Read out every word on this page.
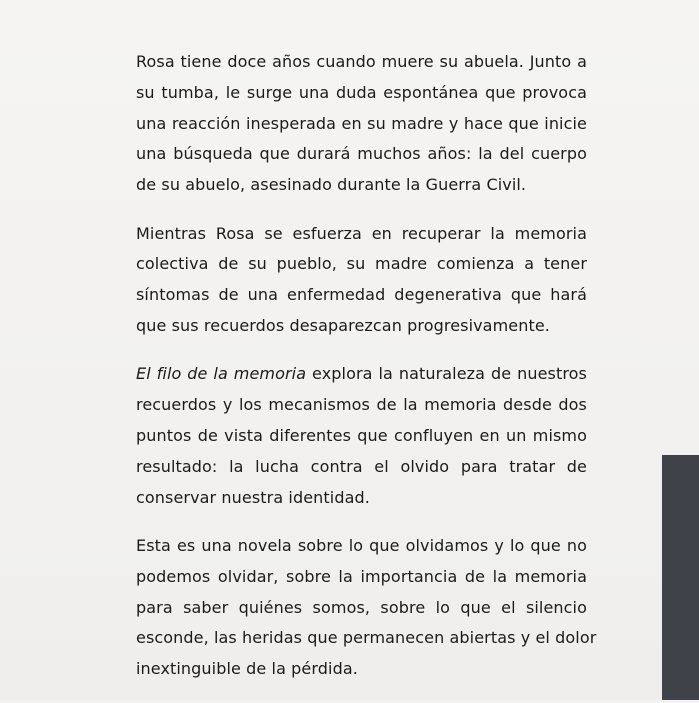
Rosa tiene doce años cuando muere su abuela. Junto a
su tumba, le surge una duda espontánea que provoca
una reacción inesperada en su madre y hace que inicie
una búsqueda que durará muchos años: la del cuerpo
de su abuelo, asesinado durante la Guerra Civil.

Mientras Rosa se esfuerza en recuperar la memoria
colectiva de su pueblo, su madre comienza a tener
síntomas de una enfermedad degenerativa que hará
que sus recuerdos desaparezcan progresivamente.

El filo de la memoria explora la naturaleza de nuestros
recuerdos y los mecanismos de la memoria desde dos
puntos de vista diferentes que confluyen en un mismo
resultado: la lucha contra el olvido para tratar de
conservar nuestra identidad.

Esta es una novela sobre lo que olvidamos y lo que no
podemos olvidar, sobre la importancia de la memoria
para saber quiénes somos, sobre lo que el silencio
esconde, las heridas que permanecen abiertas y el dolor
inextinguible de la pérdida.
